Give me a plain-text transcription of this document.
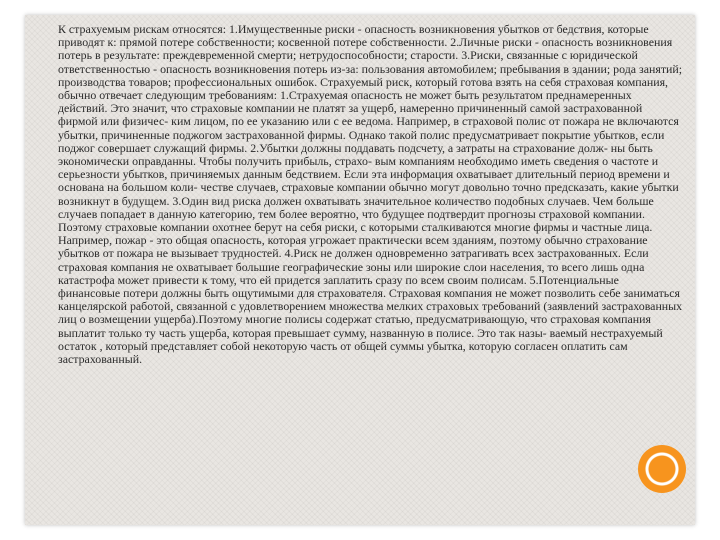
К страхуемым рискам относятся: 1.Имущественные риски - опасность возникновения убытков от бедствия, которые приводят к: прямой потере собственности; косвенной потере собственности. 2.Личные риски - опасность возникновения потерь в результате: преждевременной смерти; нетрудоспособности; старости. 3.Риски, связанные с юридической ответственностью - опасность возникновения потерь из-за: пользования автомобилем; пребывания в здании; рода занятий; производства товаров; профессиональных ошибок. Страхуемый риск, который готова взять на себя страховая компания, обычно отвечает следующим требованиям: 1.Страхуемая опасность не может быть результатом преднамеренных действий. Это значит, что страховые компании не платят за ущерб, намеренно причиненный самой застрахованной фирмой или физичес- ким лицом, по ее указанию или с ее ведома. Например, в страховой полис от пожара не включаются убытки, причиненные поджогом застрахованной фирмы. Однако такой полис предусматривает покрытие убытков, если поджог совершает служащий фирмы. 2.Убытки должны поддавать подсчету, а затраты на страхование долж- ны быть экономически оправданны. Чтобы получить прибыль, страхо- вым компаниям необходимо иметь сведения о частоте и серьезности убытков, причиняемых данным бедствием. Если эта информация охватывает длительный период времени и основана на большом коли- честве случаев, страховые компании обычно могут довольно точно предсказать, какие убытки возникнут в будущем. 3.Один вид риска должен охватывать значительное количество подобных случаев. Чем больше случаев попадает в данную категорию, тем более вероятно, что будущее подтвердит прогнозы страховой компании. Поэтому страховые компании охотнее берут на себя риски, с которыми сталкиваются многие фирмы и частные лица. Например, пожар - это общая опасность, которая угрожает практически всем зданиям, поэтому обычно страхование убытков от пожара не вызывает трудностей. 4.Риск не должен одновременно затрагивать всех застрахованных. Если страховая компания не охватывает большие географические зоны или широкие слои населения, то всего лишь одна катастрофа может привести к тому, что ей придется заплатить сразу по всем своим полисам. 5.Потенциальные финансовые потери должны быть ощутимыми для страхователя. Страховая компания не может позволить себе заниматься канцелярской работой, связанной с удовлетворением множества мелких страховых требований (заявлений застрахованных лиц о возмещении ущерба).Поэтому многие полисы содержат статью, предусматривающую, что страховая компания выплатит только ту часть ущерба, которая превышает сумму, названную в полисе. Это так назы- ваемый нестрахуемый остаток , который представляет собой некоторую часть от общей суммы убытка, которую согласен оплатить сам застрахованный.
